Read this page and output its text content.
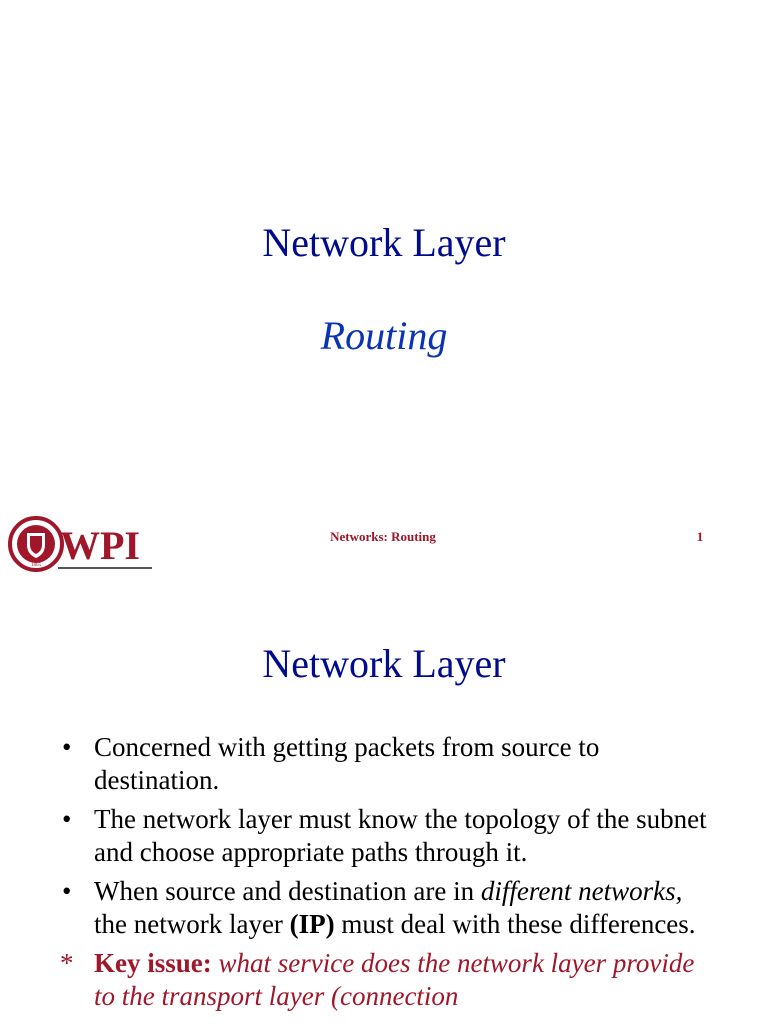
Network Layer
Routing
1865 WPI	Networks: Routing	1
Network Layer
• Concerned with getting packets from source to destination.
• The network layer must know the topology of the subnet and choose appropriate paths through it.
• When source and destination are in different networks, the network layer (IP) must deal with these differences.
* Key issue: what service does the network layer provide to the transport layer (connection
